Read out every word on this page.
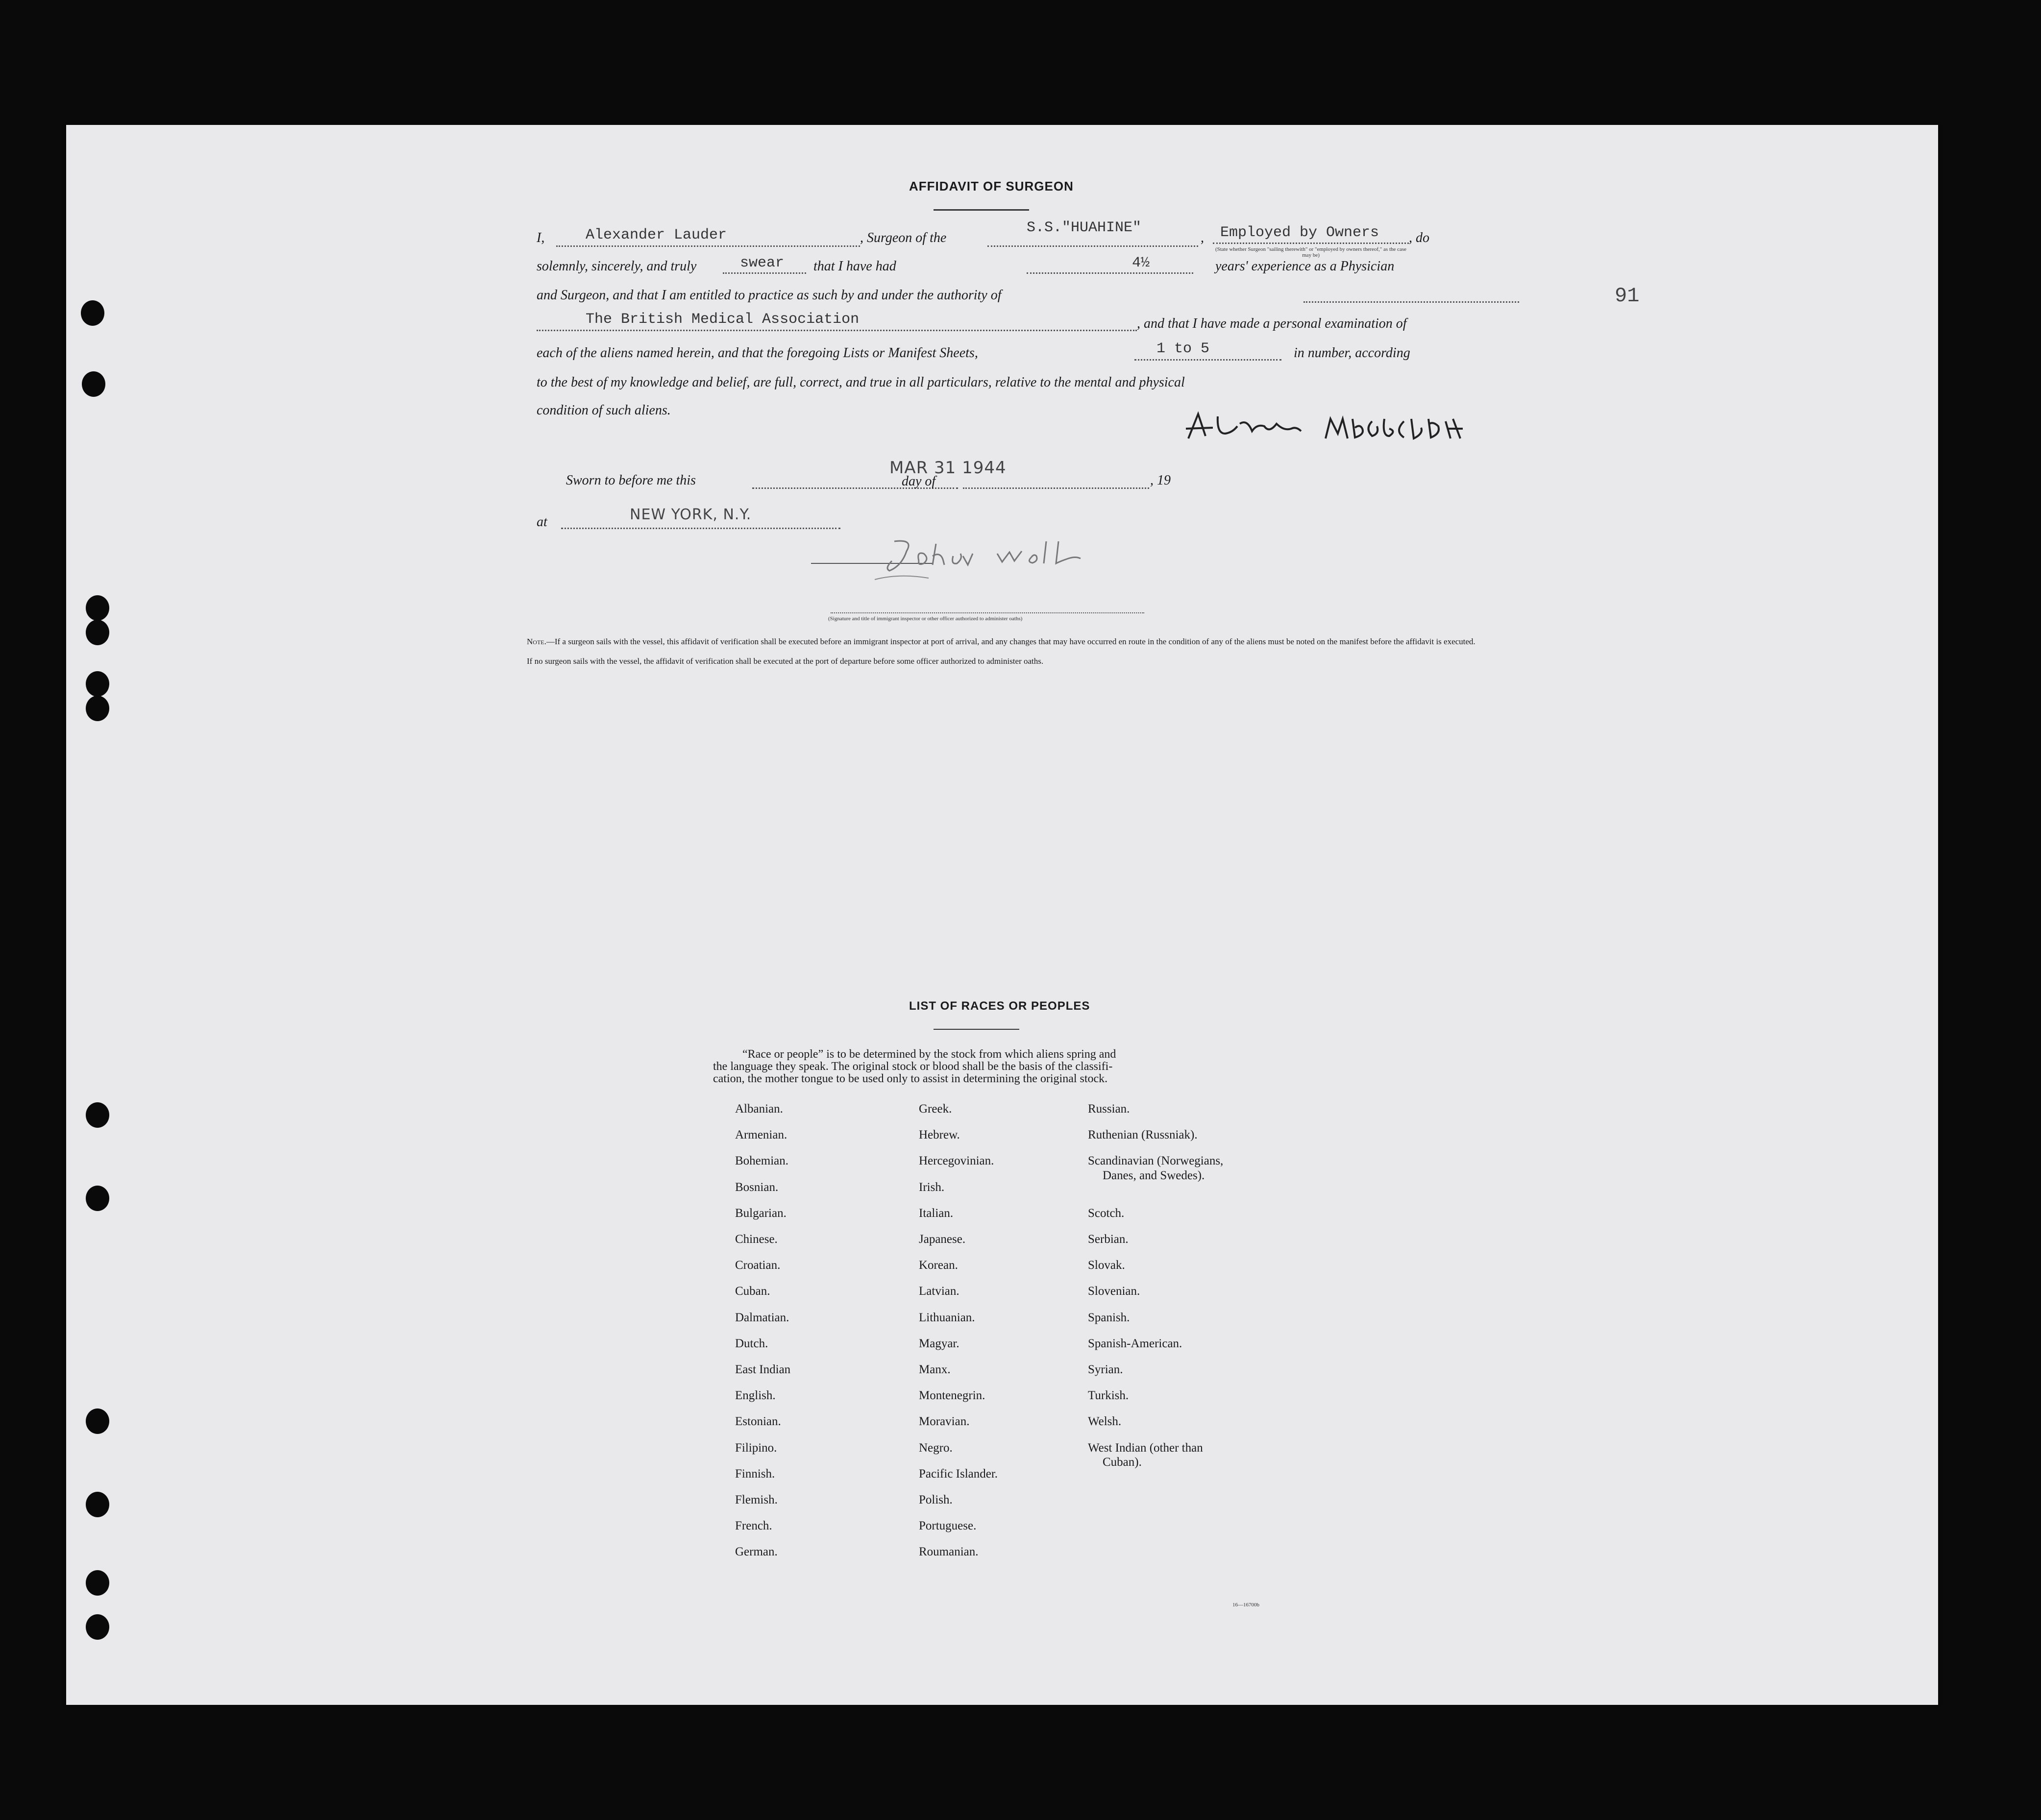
91
AFFIDAVIT OF SURGEON
I,	Alexander Lauder	, Surgeon of the
S.S."HUAHINE"
, Employed by Owners , do
(State whether Surgeon "sailing therewith" or "employed by owners thereof," as the case may be)
solemnly, sincerely, and truly	swear that I have had	4½	years' experience as a Physician
and Surgeon, and that I am entitled to practice as such by and under the authority of
The British Medical Association	, and that I have made a personal examination of
each of the aliens named herein, and that the foregoing Lists or Manifest Sheets,	1 to 5	in number, according
to the best of my knowledge and belief, are full, correct, and true in all particulars, relative to the mental and physical
condition of such aliens.
Sworn to before me this
MAR 31 1944
day of	, 19
at	NEW YORK, N.Y.
(Signature and title of immigrant inspector or other officer authorized to administer oaths)
Note.—If a surgeon sails with the vessel, this affidavit of verification shall be executed before an immigrant inspector at port of arrival, and any changes that may have occurred en route in the condition of any of the aliens must be noted on the manifest before the affidavit is executed.
If no surgeon sails with the vessel, the affidavit of verification shall be executed at the port of departure before some officer authorized to administer oaths.
LIST OF RACES OR PEOPLES
“Race or people” is to be determined by the stock from which aliens spring and
the language they speak. The original stock or blood shall be the basis of the classifi-
cation, the mother tongue to be used only to assist in determining the original stock.
Albanian.
Armenian.
Bohemian.
Bosnian.
Bulgarian.
Chinese.
Croatian.
Cuban.
Dalmatian.
Dutch.
East Indian
English.
Estonian.
Filipino.
Finnish.
Flemish.
French.
German.
Greek.
Hebrew.
Hercegovinian.
Irish.
Italian.
Japanese.
Korean.
Latvian.
Lithuanian.
Magyar.
Manx.
Montenegrin.
Moravian.
Negro.
Pacific Islander.
Polish.
Portuguese.
Roumanian.
Russian.
Ruthenian (Russniak).
Scandinavian (Norwegians,
Danes, and Swedes).
Scotch.
Serbian.
Slovak.
Slovenian.
Spanish.
Spanish-American.
Syrian.
Turkish.
Welsh.
West Indian (other than
Cuban).
16—16700b
